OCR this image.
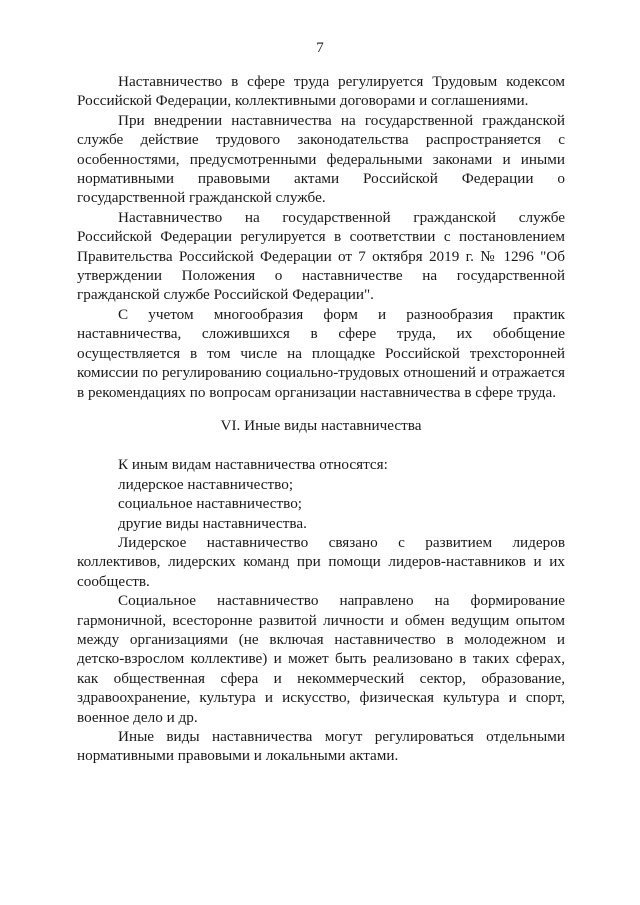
7

Наставничество в сфере труда регулируется Трудовым кодексом Российской Федерации, коллективными договорами и соглашениями.

При внедрении наставничества на государственной гражданской службе действие трудового законодательства распространяется с особенностями, предусмотренными федеральными законами и иными нормативными правовыми актами Российской Федерации о государственной гражданской службе.

Наставничество на государственной гражданской службе Российской Федерации регулируется в соответствии с постановлением Правительства Российской Федерации от 7 октября 2019 г. № 1296 "Об утверждении Положения о наставничестве на государственной гражданской службе Российской Федерации".

С учетом многообразия форм и разнообразия практик наставничества, сложившихся в сфере труда, их обобщение осуществляется в том числе на площадке Российской трехсторонней комиссии по регулированию социально-трудовых отношений и отражается в рекомендациях по вопросам организации наставничества в сфере труда.

VI. Иные виды наставничества

К иным видам наставничества относятся:

лидерское наставничество;

социальное наставничество;

другие виды наставничества.

Лидерское наставничество связано с развитием лидеров коллективов, лидерских команд при помощи лидеров-наставников и их сообществ.

Социальное наставничество направлено на формирование гармоничной, всесторонне развитой личности и обмен ведущим опытом между организациями (не включая наставничество в молодежном и детско-взрослом коллективе) и может быть реализовано в таких сферах, как общественная сфера и некоммерческий сектор, образование, здравоохранение, культура и искусство, физическая культура и спорт, военное дело и др.

Иные виды наставничества могут регулироваться отдельными нормативными правовыми и локальными актами.
